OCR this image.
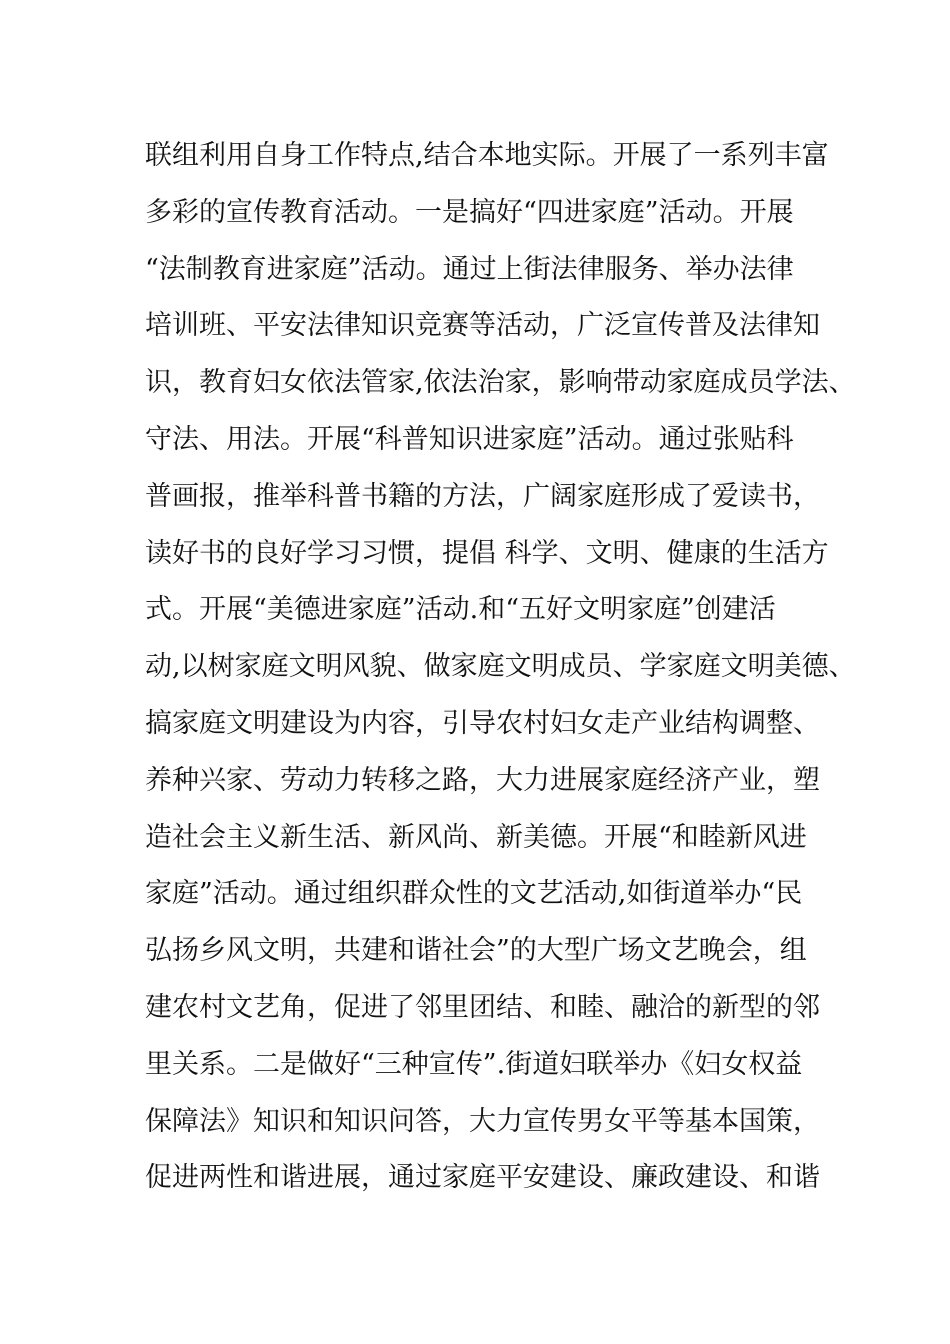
联组利用自身工作特点,结合本地实际。开展了一系列丰富
多彩的宣传教育活动。一是搞好“四进家庭”活动。开展
“法制教育进家庭”活动。通过上街法律服务、举办法律
培训班、平安法律知识竞赛等活动，广泛宣传普及法律知
识，教育妇女依法管家,依法治家，影响带动家庭成员学法、
守法、用法。开展“科普知识进家庭”活动。通过张贴科
普画报，推举科普书籍的方法，广阔家庭形成了爱读书，
读好书的良好学习习惯，提倡 科学、文明、健康的生活方
式。开展“美德进家庭”活动.和“五好文明家庭”创建活
动,以树家庭文明风貌、做家庭文明成员、学家庭文明美德、
搞家庭文明建设为内容，引导农村妇女走产业结构调整、
养种兴家、劳动力转移之路，大力进展家庭经济产业，塑
造社会主义新生活、新风尚、新美德。开展“和睦新风进
家庭”活动。通过组织群众性的文艺活动,如街道举办“民
弘扬乡风文明，共建和谐社会”的大型广场文艺晚会，组
建农村文艺角，促进了邻里团结、和睦、融洽的新型的邻
里关系。二是做好“三种宣传”.街道妇联举办《妇女权益
保障法》知识和知识问答，大力宣传男女平等基本国策，
促进两性和谐进展，通过家庭平安建设、廉政建设、和谐
